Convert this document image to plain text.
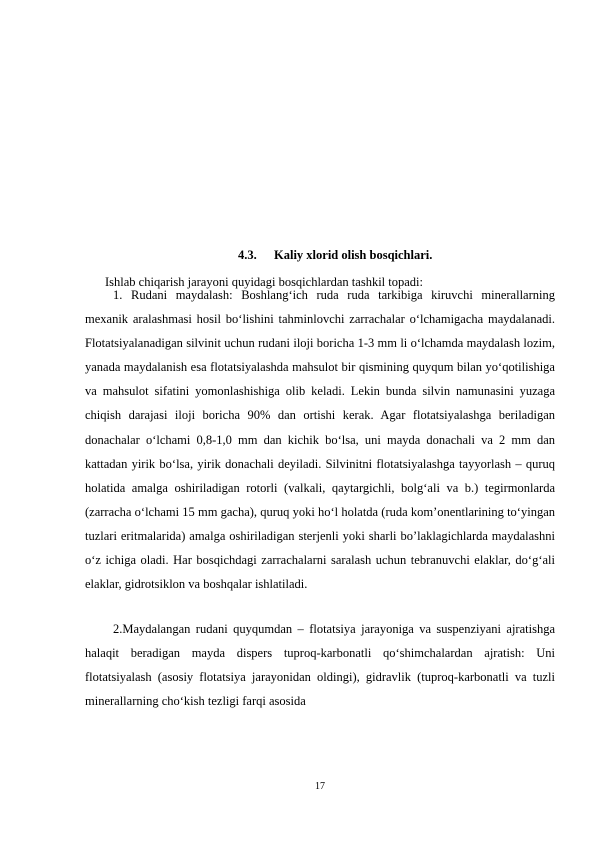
4.3. Kaliy xlorid olish bosqichlari.
Ishlab chiqarish jarayoni quyidagi bosqichlardan tashkil topadi:

1. Rudani maydalash: Boshlang‘ich ruda ruda tarkibiga kiruvchi minerallarning mexanik aralashmasi hosil bo‘lishini tahminlovchi zarrachalar o‘lchamigacha maydalanadi. Flotatsiyalanadigan silvinit uchun rudani iloji boricha 1-3 mm li o‘lchamda maydalash lozim, yanada maydalanish esa flotatsiyalashda mahsulot bir qismining quyqum bilan yo‘qotilishiga va mahsulot sifatini yomonlashishiga olib keladi. Lekin bunda silvin namunasini yuzaga chiqish darajasi iloji boricha 90% dan ortishi kerak. Agar flotatsiyalashga beriladigan donachalar o‘lchami 0,8-1,0 mm dan kichik bo‘lsa, uni mayda donachali va 2 mm dan kattadan yirik bo‘lsa, yirik donachali deyiladi. Silvinitni flotatsiyalashga tayyorlash – quruq holatida amalga oshiriladigan rotorli (valkali, qaytargichli, bolg‘ali va b.) tegirmonlarda (zarracha o‘lchami 15 mm gacha), quruq yoki ho‘l holatda (ruda kom’onentlarining to‘yingan tuzlari eritmalarida) amalga oshiriladigan sterjenli yoki sharli bo’laklagichlarda maydalashni o‘z ichiga oladi. Har bosqichdagi zarrachalarni saralash uchun tebranuvchi elaklar, do‘g‘ali elaklar, gidrotsiklon va boshqalar ishlatiladi.

2.Maydalangan rudani quyqumdan – flotatsiya jarayoniga va suspenziyani ajratishga halaqit beradigan mayda dispers tuproq-karbonatli qo‘shimchalardan ajratish: Uni flotatsiyalash (asosiy flotatsiya jarayonidan oldingi), gidravlik (tuproq-karbonatli va tuzli minerallarning cho‘kish tezligi farqi asosida

17
